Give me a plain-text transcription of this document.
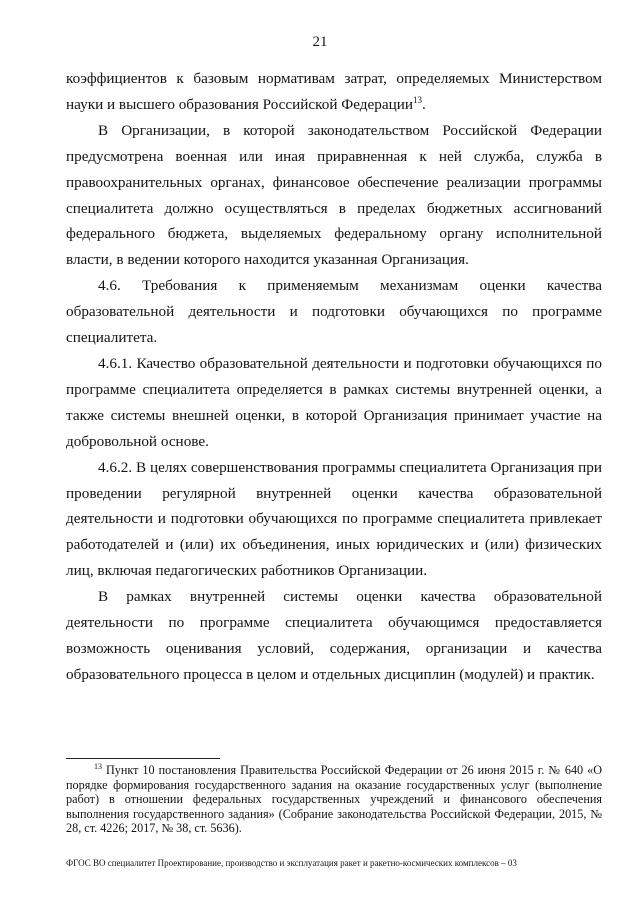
21

коэффициентов к базовым нормативам затрат, определяемых Министерством науки и высшего образования Российской Федерации$^{13}$.

В Организации, в которой законодательством Российской Федерации предусмотрена военная или иная приравненная к ней служба, служба в правоохранительных органах, финансовое обеспечение реализации программы специалитета должно осуществляться в пределах бюджетных ассигнований федерального бюджета, выделяемых федеральному органу исполнительной власти, в ведении которого находится указанная Организация.

4.6. Требования к применяемым механизмам оценки качества образовательной деятельности и подготовки обучающихся по программе специалитета.

4.6.1. Качество образовательной деятельности и подготовки обучающихся по программе специалитета определяется в рамках системы внутренней оценки, а также системы внешней оценки, в которой Организация принимает участие на добровольной основе.

4.6.2. В целях совершенствования программы специалитета Организация при проведении регулярной внутренней оценки качества образовательной деятельности и подготовки обучающихся по программе специалитета привлекает работодателей и (или) их объединения, иных юридических и (или) физических лиц, включая педагогических работников Организации.

В рамках внутренней системы оценки качества образовательной деятельности по программе специалитета обучающимся предоставляется возможность оценивания условий, содержания, организации и качества образовательного процесса в целом и отдельных дисциплин (модулей) и практик.

$^{13}$ Пункт 10 постановления Правительства Российской Федерации от 26 июня 2015 г. № 640 «О порядке формирования государственного задания на оказание государственных услуг (выполнение работ) в отношении федеральных государственных учреждений и финансового обеспечения выполнения государственного задания» (Собрание законодательства Российской Федерации, 2015, № 28, ст. 4226; 2017, № 38, ст. 5636).
ФГОС ВО специалитет Проектирование, производство и эксплуатация ракет и ракетно-космических комплексов – 03
